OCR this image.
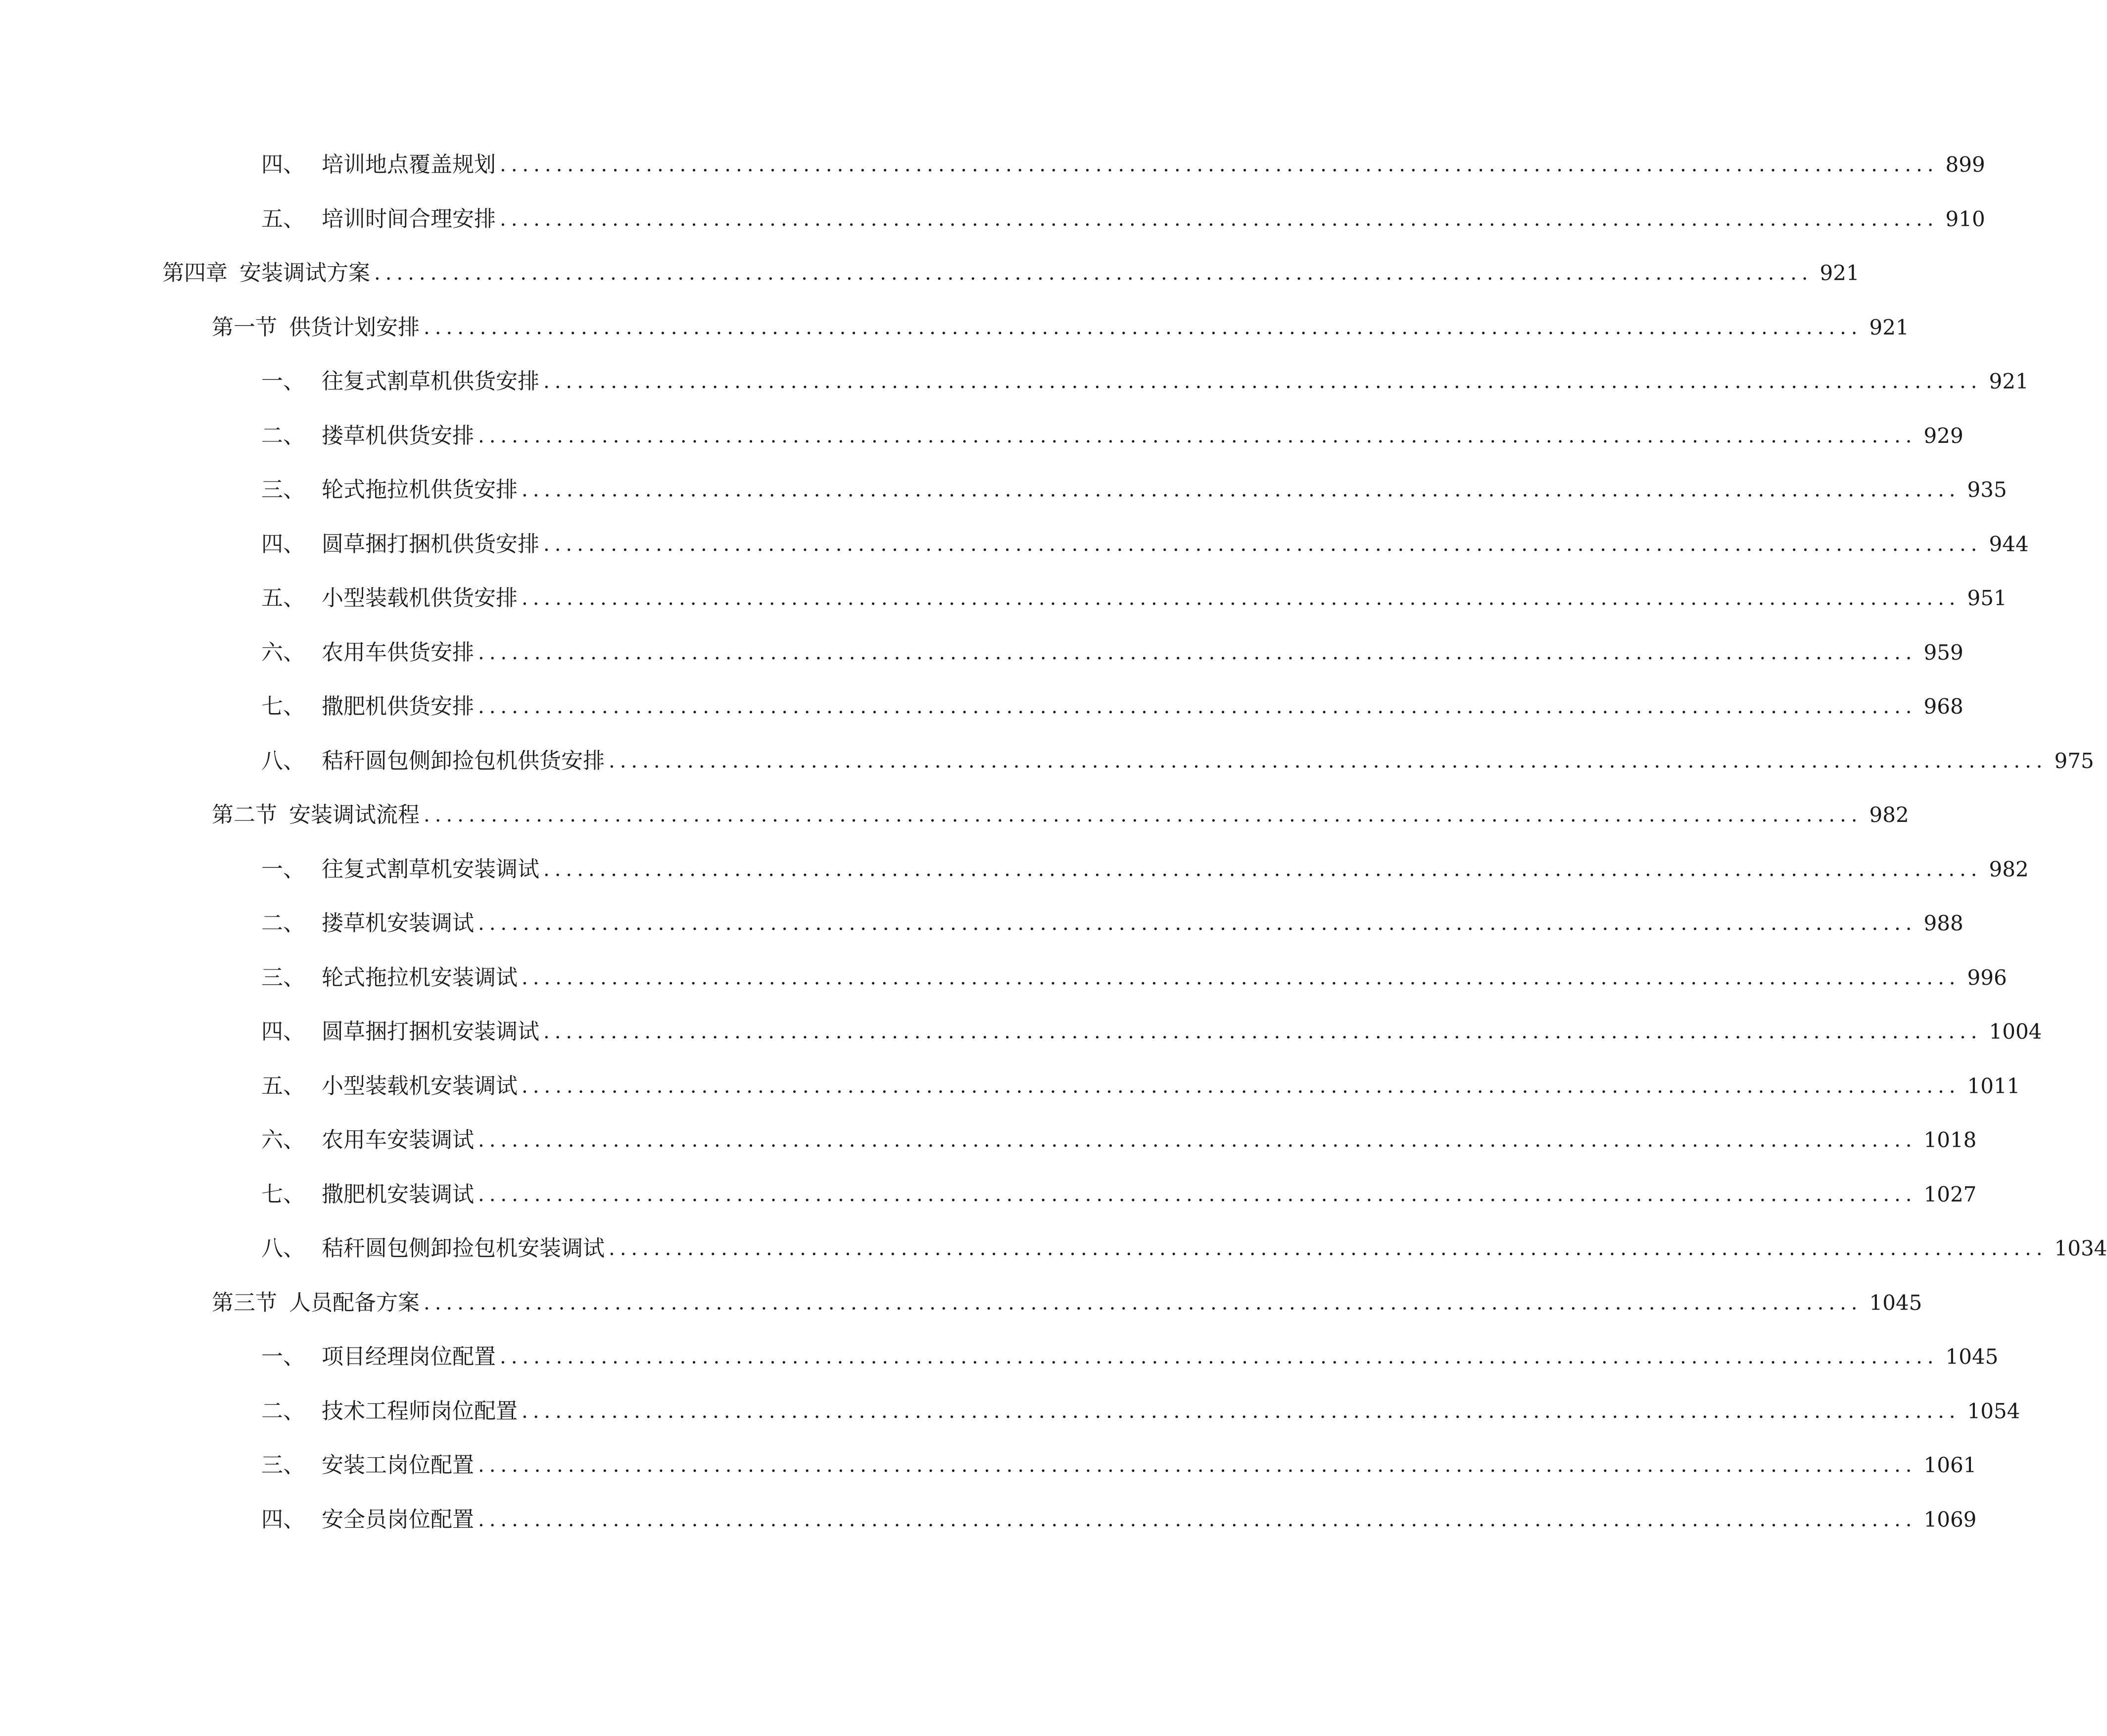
四、 培训地点覆盖规划 ................................................................................................................................ 899
五、 培训时间合理安排 ................................................................................................................................ 910
第四章 安装调试方案 ................................................................................................................................ 921
第一节 供货计划安排 ................................................................................................................................ 921
一、 往复式割草机供货安排 ................................................................................................................................ 921
二、 搂草机供货安排 ................................................................................................................................ 929
三、 轮式拖拉机供货安排 ................................................................................................................................ 935
四、 圆草捆打捆机供货安排 ................................................................................................................................ 944
五、 小型装载机供货安排 ................................................................................................................................ 951
六、 农用车供货安排 ................................................................................................................................ 959
七、 撒肥机供货安排 ................................................................................................................................ 968
八、 秸秆圆包侧卸捡包机供货安排 ................................................................................................................................ 975
第二节 安装调试流程 ................................................................................................................................ 982
一、 往复式割草机安装调试 ................................................................................................................................ 982
二、 搂草机安装调试 ................................................................................................................................ 988
三、 轮式拖拉机安装调试 ................................................................................................................................ 996
四、 圆草捆打捆机安装调试 ................................................................................................................................ 1004
五、 小型装载机安装调试 ................................................................................................................................ 1011
六、 农用车安装调试 ................................................................................................................................ 1018
七、 撒肥机安装调试 ................................................................................................................................ 1027
八、 秸秆圆包侧卸捡包机安装调试 ................................................................................................................................ 1034
第三节 人员配备方案 ................................................................................................................................ 1045
一、 项目经理岗位配置 ................................................................................................................................ 1045
二、 技术工程师岗位配置 ................................................................................................................................ 1054
三、 安装工岗位配置 ................................................................................................................................ 1061
四、 安全员岗位配置 ................................................................................................................................ 1069
